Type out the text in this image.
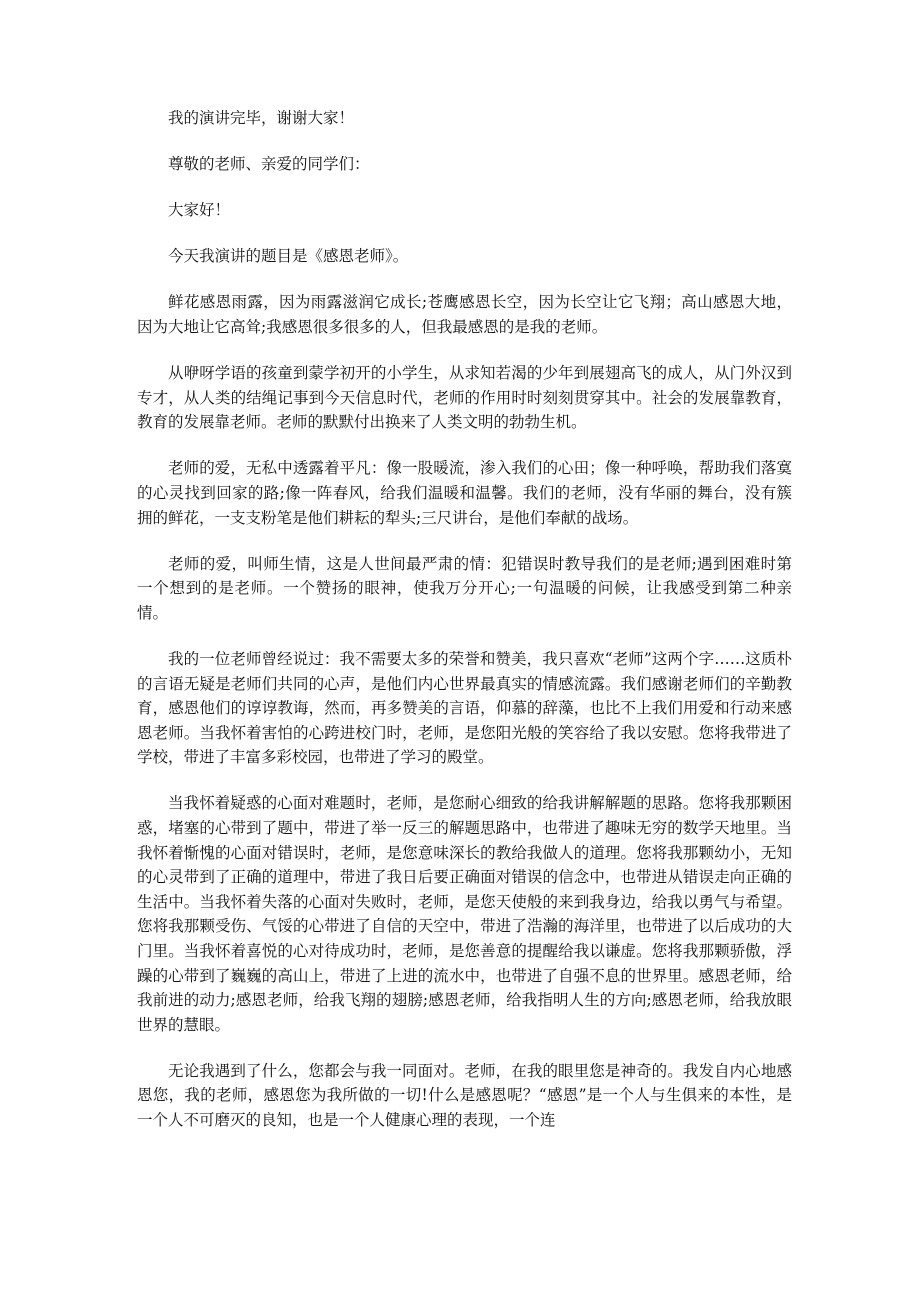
我的演讲完毕，谢谢大家！

尊敬的老师、亲爱的同学们：

大家好！

今天我演讲的题目是《感恩老师》。

鲜花感恩雨露，因为雨露滋润它成长;苍鹰感恩长空，因为长空让它飞翔；高山感恩大地，因为大地让它高耸;我感恩很多很多的人，但我最感恩的是我的老师。

从咿呀学语的孩童到蒙学初开的小学生，从求知若渴的少年到展翅高飞的成人，从门外汉到专才，从人类的结绳记事到今天信息时代，老师的作用时时刻刻贯穿其中。社会的发展靠教育，教育的发展靠老师。老师的默默付出换来了人类文明的勃勃生机。

老师的爱，无私中透露着平凡：像一股暖流，渗入我们的心田；像一种呼唤，帮助我们落寞的心灵找到回家的路;像一阵春风，给我们温暖和温馨。我们的老师，没有华丽的舞台，没有簇拥的鲜花，一支支粉笔是他们耕耘的犁头;三尺讲台，是他们奉献的战场。

老师的爱，叫师生情，这是人世间最严肃的情：犯错误时教导我们的是老师;遇到困难时第一个想到的是老师。一个赞扬的眼神，使我万分开心;一句温暖的问候，让我感受到第二种亲情。

我的一位老师曾经说过：我不需要太多的荣誉和赞美，我只喜欢“老师”这两个字……这质朴的言语无疑是老师们共同的心声，是他们内心世界最真实的情感流露。我们感谢老师们的辛勤教育，感恩他们的谆谆教诲，然而，再多赞美的言语，仰慕的辞藻，也比不上我们用爱和行动来感恩老师。当我怀着害怕的心跨进校门时，老师，是您阳光般的笑容给了我以安慰。您将我带进了学校，带进了丰富多彩校园，也带进了学习的殿堂。

当我怀着疑惑的心面对难题时，老师，是您耐心细致的给我讲解解题的思路。您将我那颗困惑，堵塞的心带到了题中，带进了举一反三的解题思路中，也带进了趣味无穷的数学天地里。当我怀着惭愧的心面对错误时，老师，是您意味深长的教给我做人的道理。您将我那颗幼小，无知的心灵带到了正确的道理中，带进了我日后要正确面对错误的信念中，也带进从错误走向正确的生活中。当我怀着失落的心面对失败时，老师，是您天使般的来到我身边，给我以勇气与希望。您将我那颗受伤、气馁的心带进了自信的天空中，带进了浩瀚的海洋里，也带进了以后成功的大门里。当我怀着喜悦的心对待成功时，老师，是您善意的提醒给我以谦虚。您将我那颗骄傲，浮躁的心带到了巍巍的高山上，带进了上进的流水中，也带进了自强不息的世界里。感恩老师，给我前进的动力;感恩老师，给我飞翔的翅膀;感恩老师，给我指明人生的方向;感恩老师，给我放眼世界的慧眼。

无论我遇到了什么，您都会与我一同面对。老师，在我的眼里您是神奇的。我发自内心地感恩您，我的老师，感恩您为我所做的一切!什么是感恩呢？“感恩”是一个人与生俱来的本性，是一个人不可磨灭的良知，也是一个人健康心理的表现，一个连
